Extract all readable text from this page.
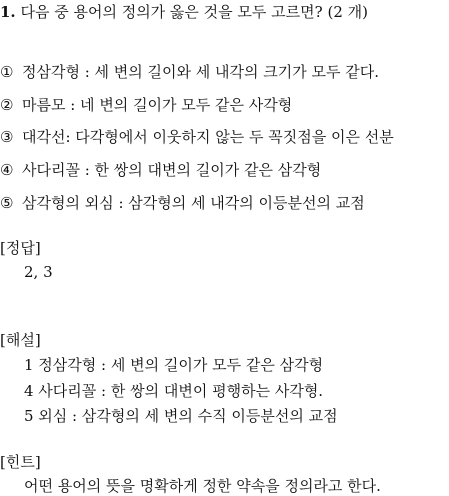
1. 다음 중 용어의 정의가 옳은 것을 모두 고르면? (2 개)
① 정삼각형 : 세 변의 길이와 세 내각의 크기가 모두 같다.
② 마름모 : 네 변의 길이가 모두 같은 사각형
③ 대각선: 다각형에서 이웃하지 않는 두 꼭짓점을 이은 선분
④ 사다리꼴 : 한 쌍의 대변의 길이가 같은 삼각형
⑤ 삼각형의 외심 : 삼각형의 세 내각의 이등분선의 교점
[정답]
2, 3
[해설]
1 정삼각형 : 세 변의 길이가 모두 같은 삼각형
4 사다리꼴 : 한 쌍의 대변이 평행하는 사각형.
5 외심 : 삼각형의 세 변의 수직 이등분선의 교점
[힌트]
어떤 용어의 뜻을 명확하게 정한 약속을 정의라고 한다.
